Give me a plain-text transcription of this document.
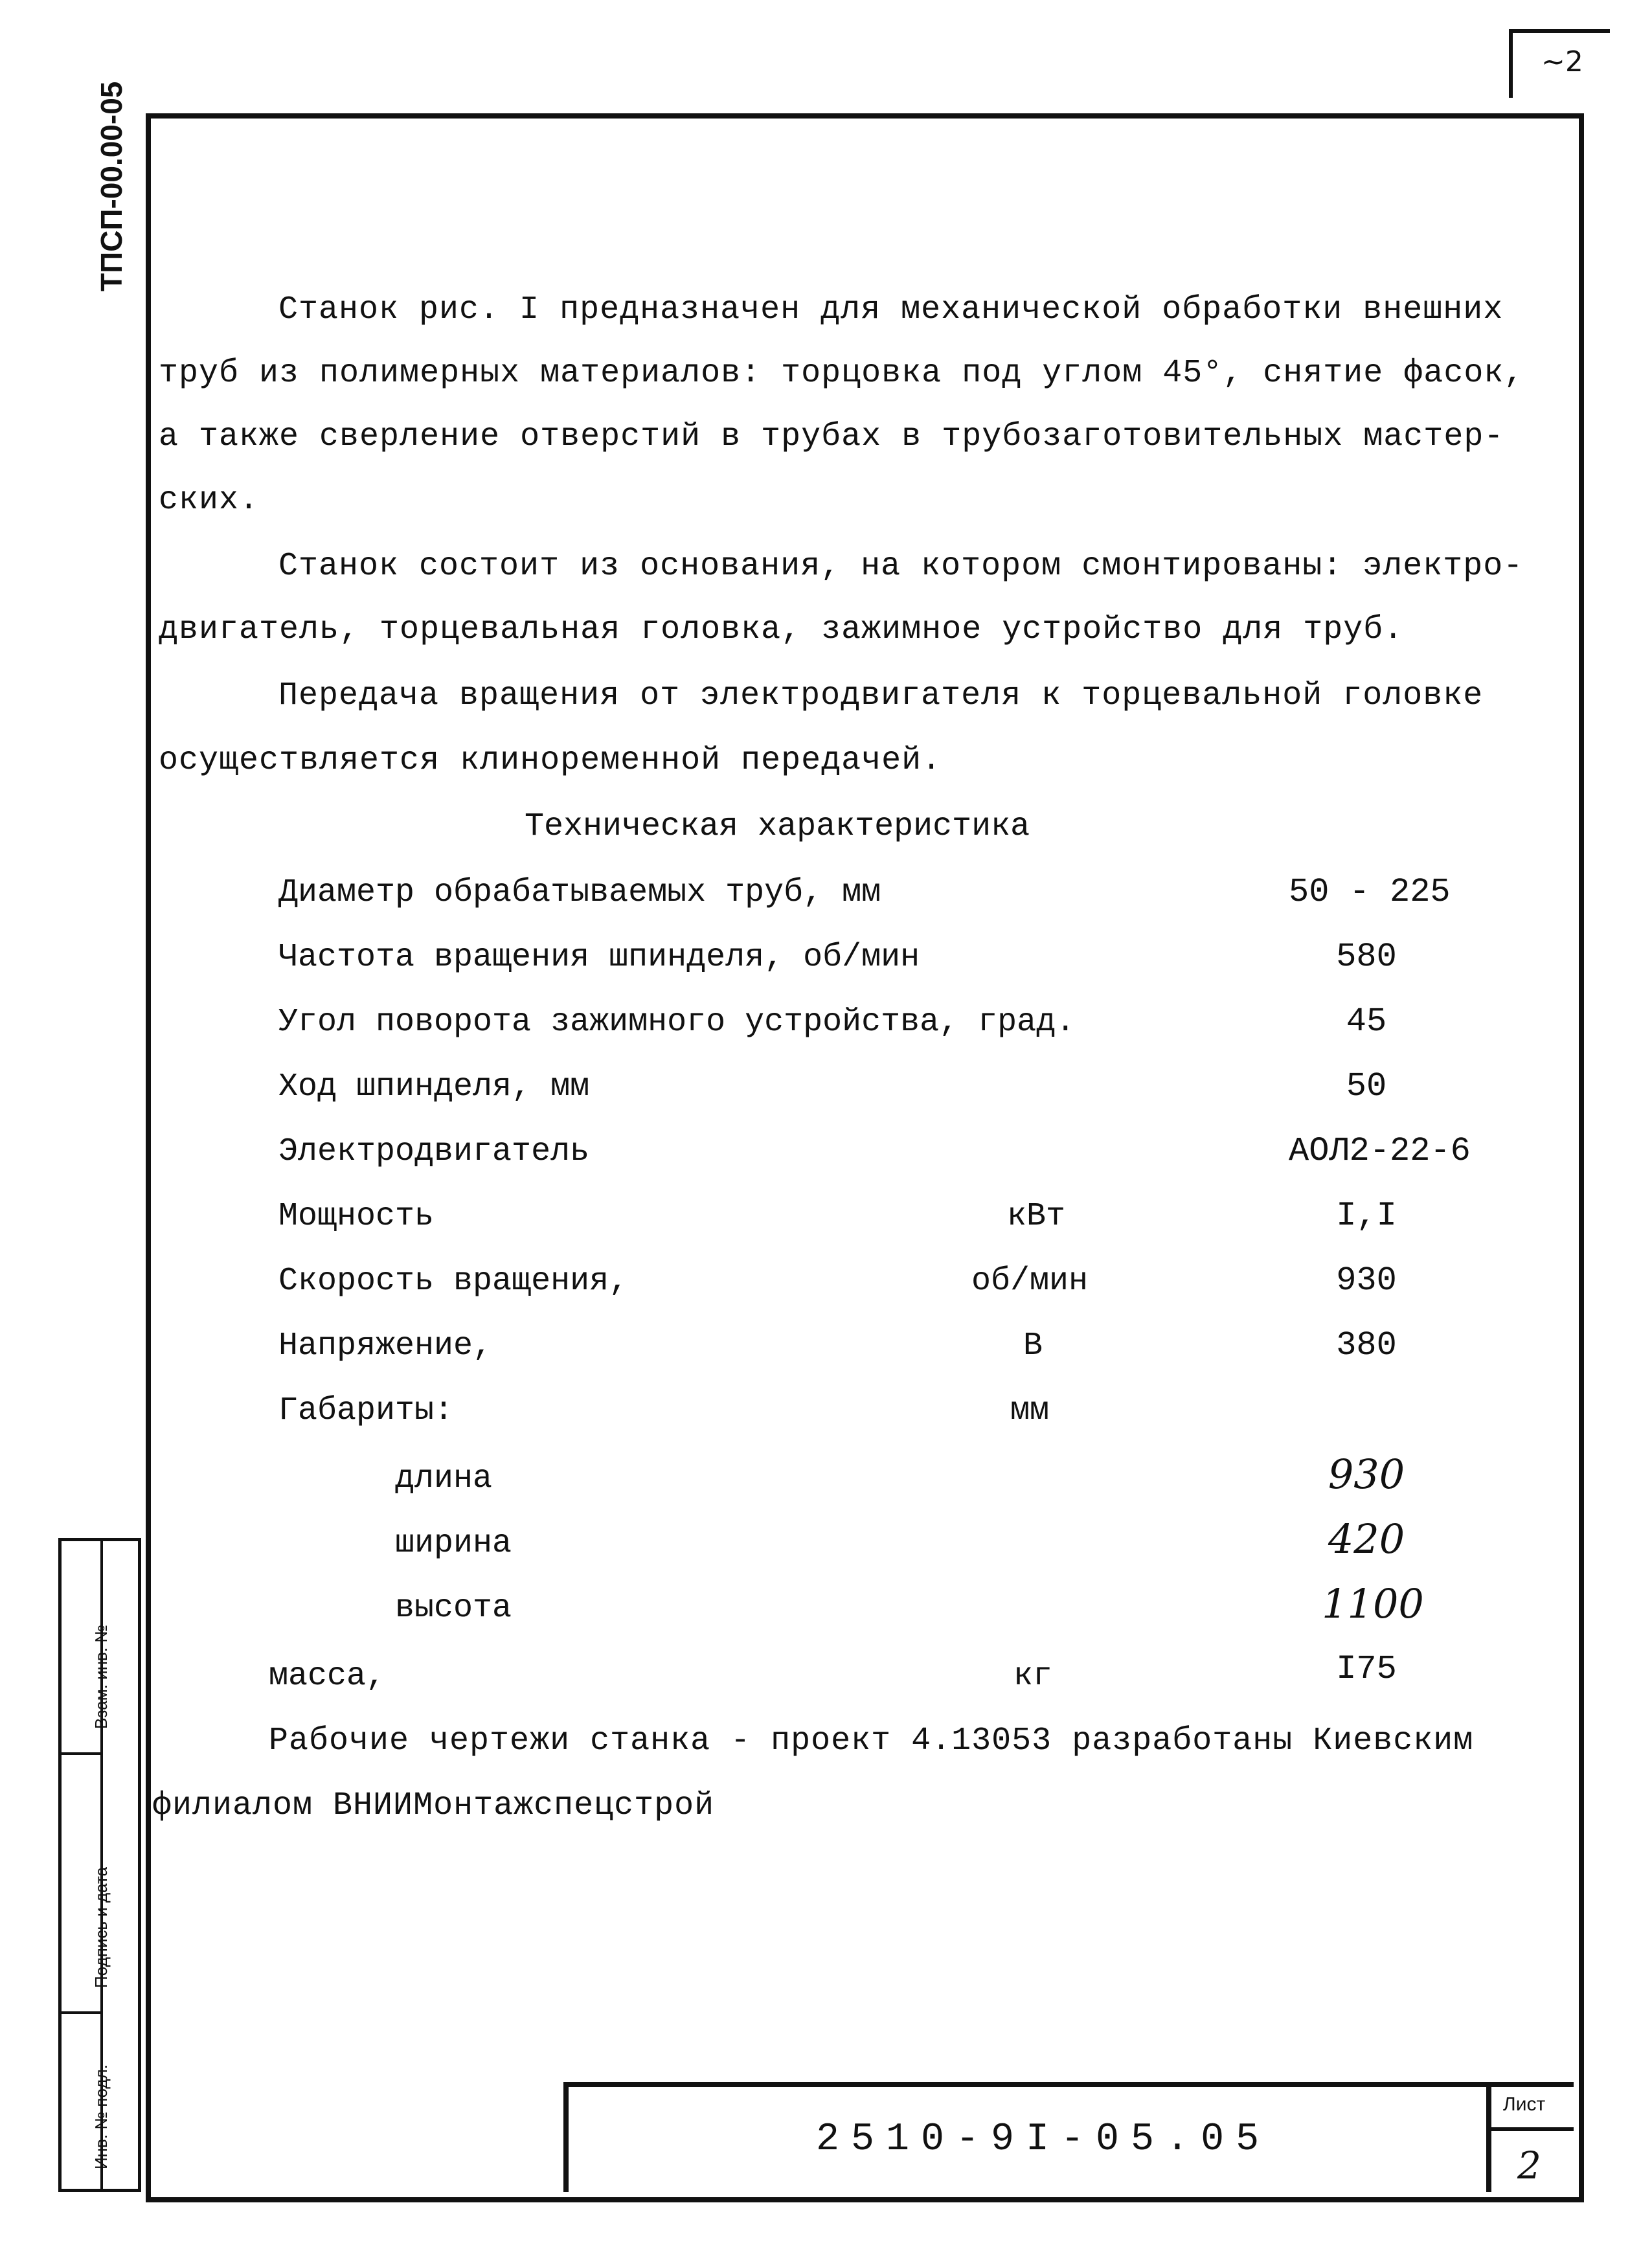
~2
ТПСП-00.00-05
Взам. инв. №
Подпись и дата
Инв. № подл.
Станок рис. I предназначен для механической обработки внешних
труб из полимерных материалов: торцовка под углом 45°, снятие фасок,
а также сверление отверстий в трубах в трубозаготовительных мастер-
ских.
Станок состоит из основания, на котором смонтированы: электро-
двигатель, торцевальная головка, зажимное устройство для труб.
Передача вращения от электродвигателя к торцевальной головке
осуществляется клиноременной передачей.
Техническая характеристика
Диаметр обрабатываемых труб, мм	50 - 225
Частота вращения шпинделя, об/мин	580
Угол поворота зажимного устройства, град.	45
Ход шпинделя, мм	50
Электродвигатель	АОЛ2-22-6
Мощность	кВт	I,I
Скорость вращения,	об/мин	930
Напряжение,	В	380
Габариты:	мм
длина	930
ширина	420
высота	1100
масса,	кг	I75
Рабочие чертежи станка - проект 4.13053 разработаны Киевским
филиалом ВНИИМонтажспецстрой
2510-9I-05.05
Лист
2
